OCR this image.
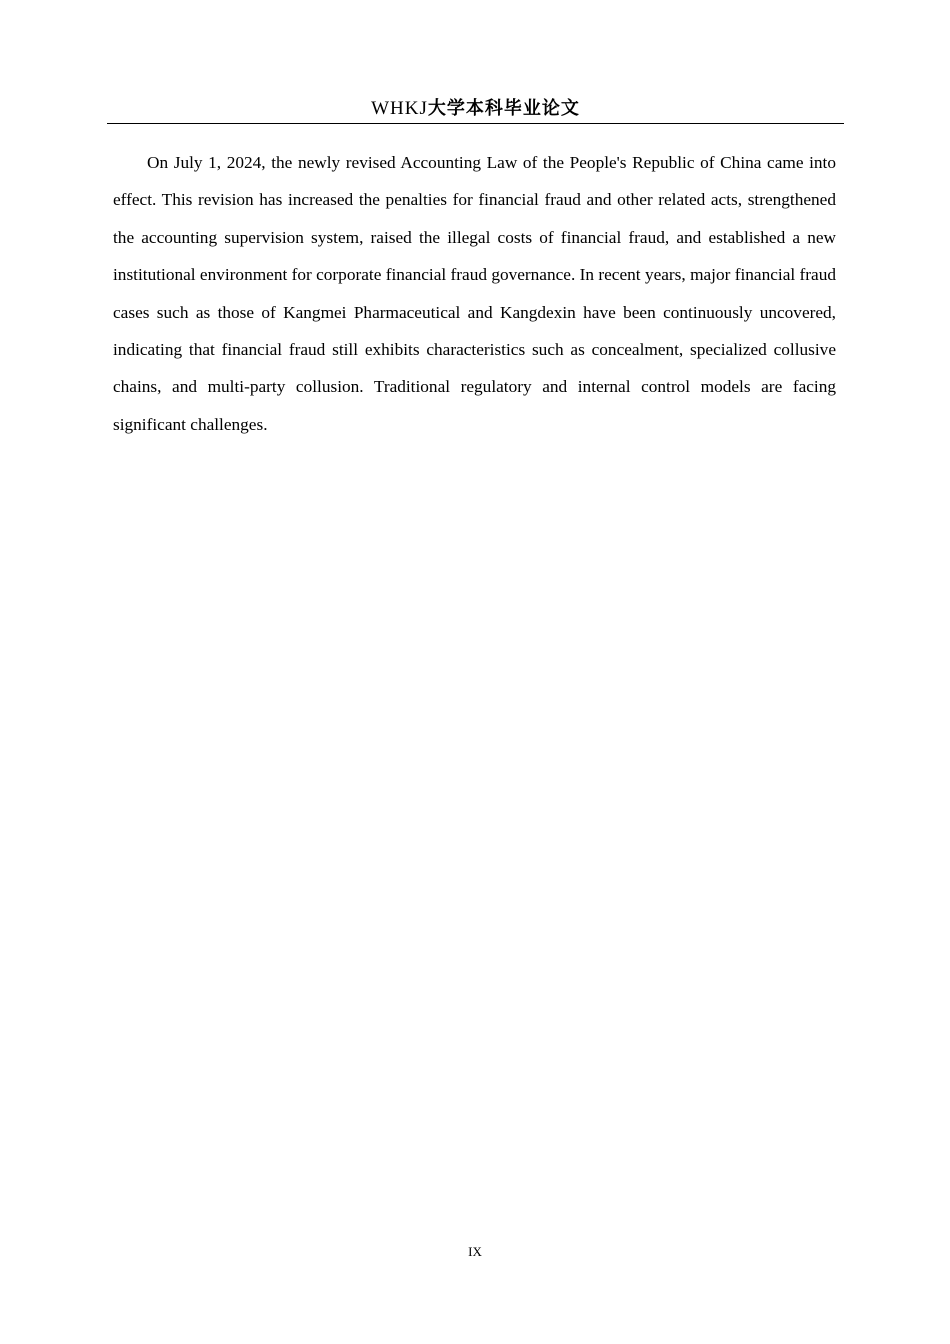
WHKJ大学本科毕业论文

On July 1, 2024, the newly revised Accounting Law of the People's Republic of China came into effect. This revision has increased the penalties for financial fraud and other related acts, strengthened the accounting supervision system, raised the illegal costs of financial fraud, and established a new institutional environment for corporate financial fraud governance. In recent years, major financial fraud cases such as those of Kangmei Pharmaceutical and Kangdexin have been continuously uncovered, indicating that financial fraud still exhibits characteristics such as concealment, specialized collusive chains, and multi-party collusion. Traditional regulatory and internal control models are facing significant challenges.

IX
